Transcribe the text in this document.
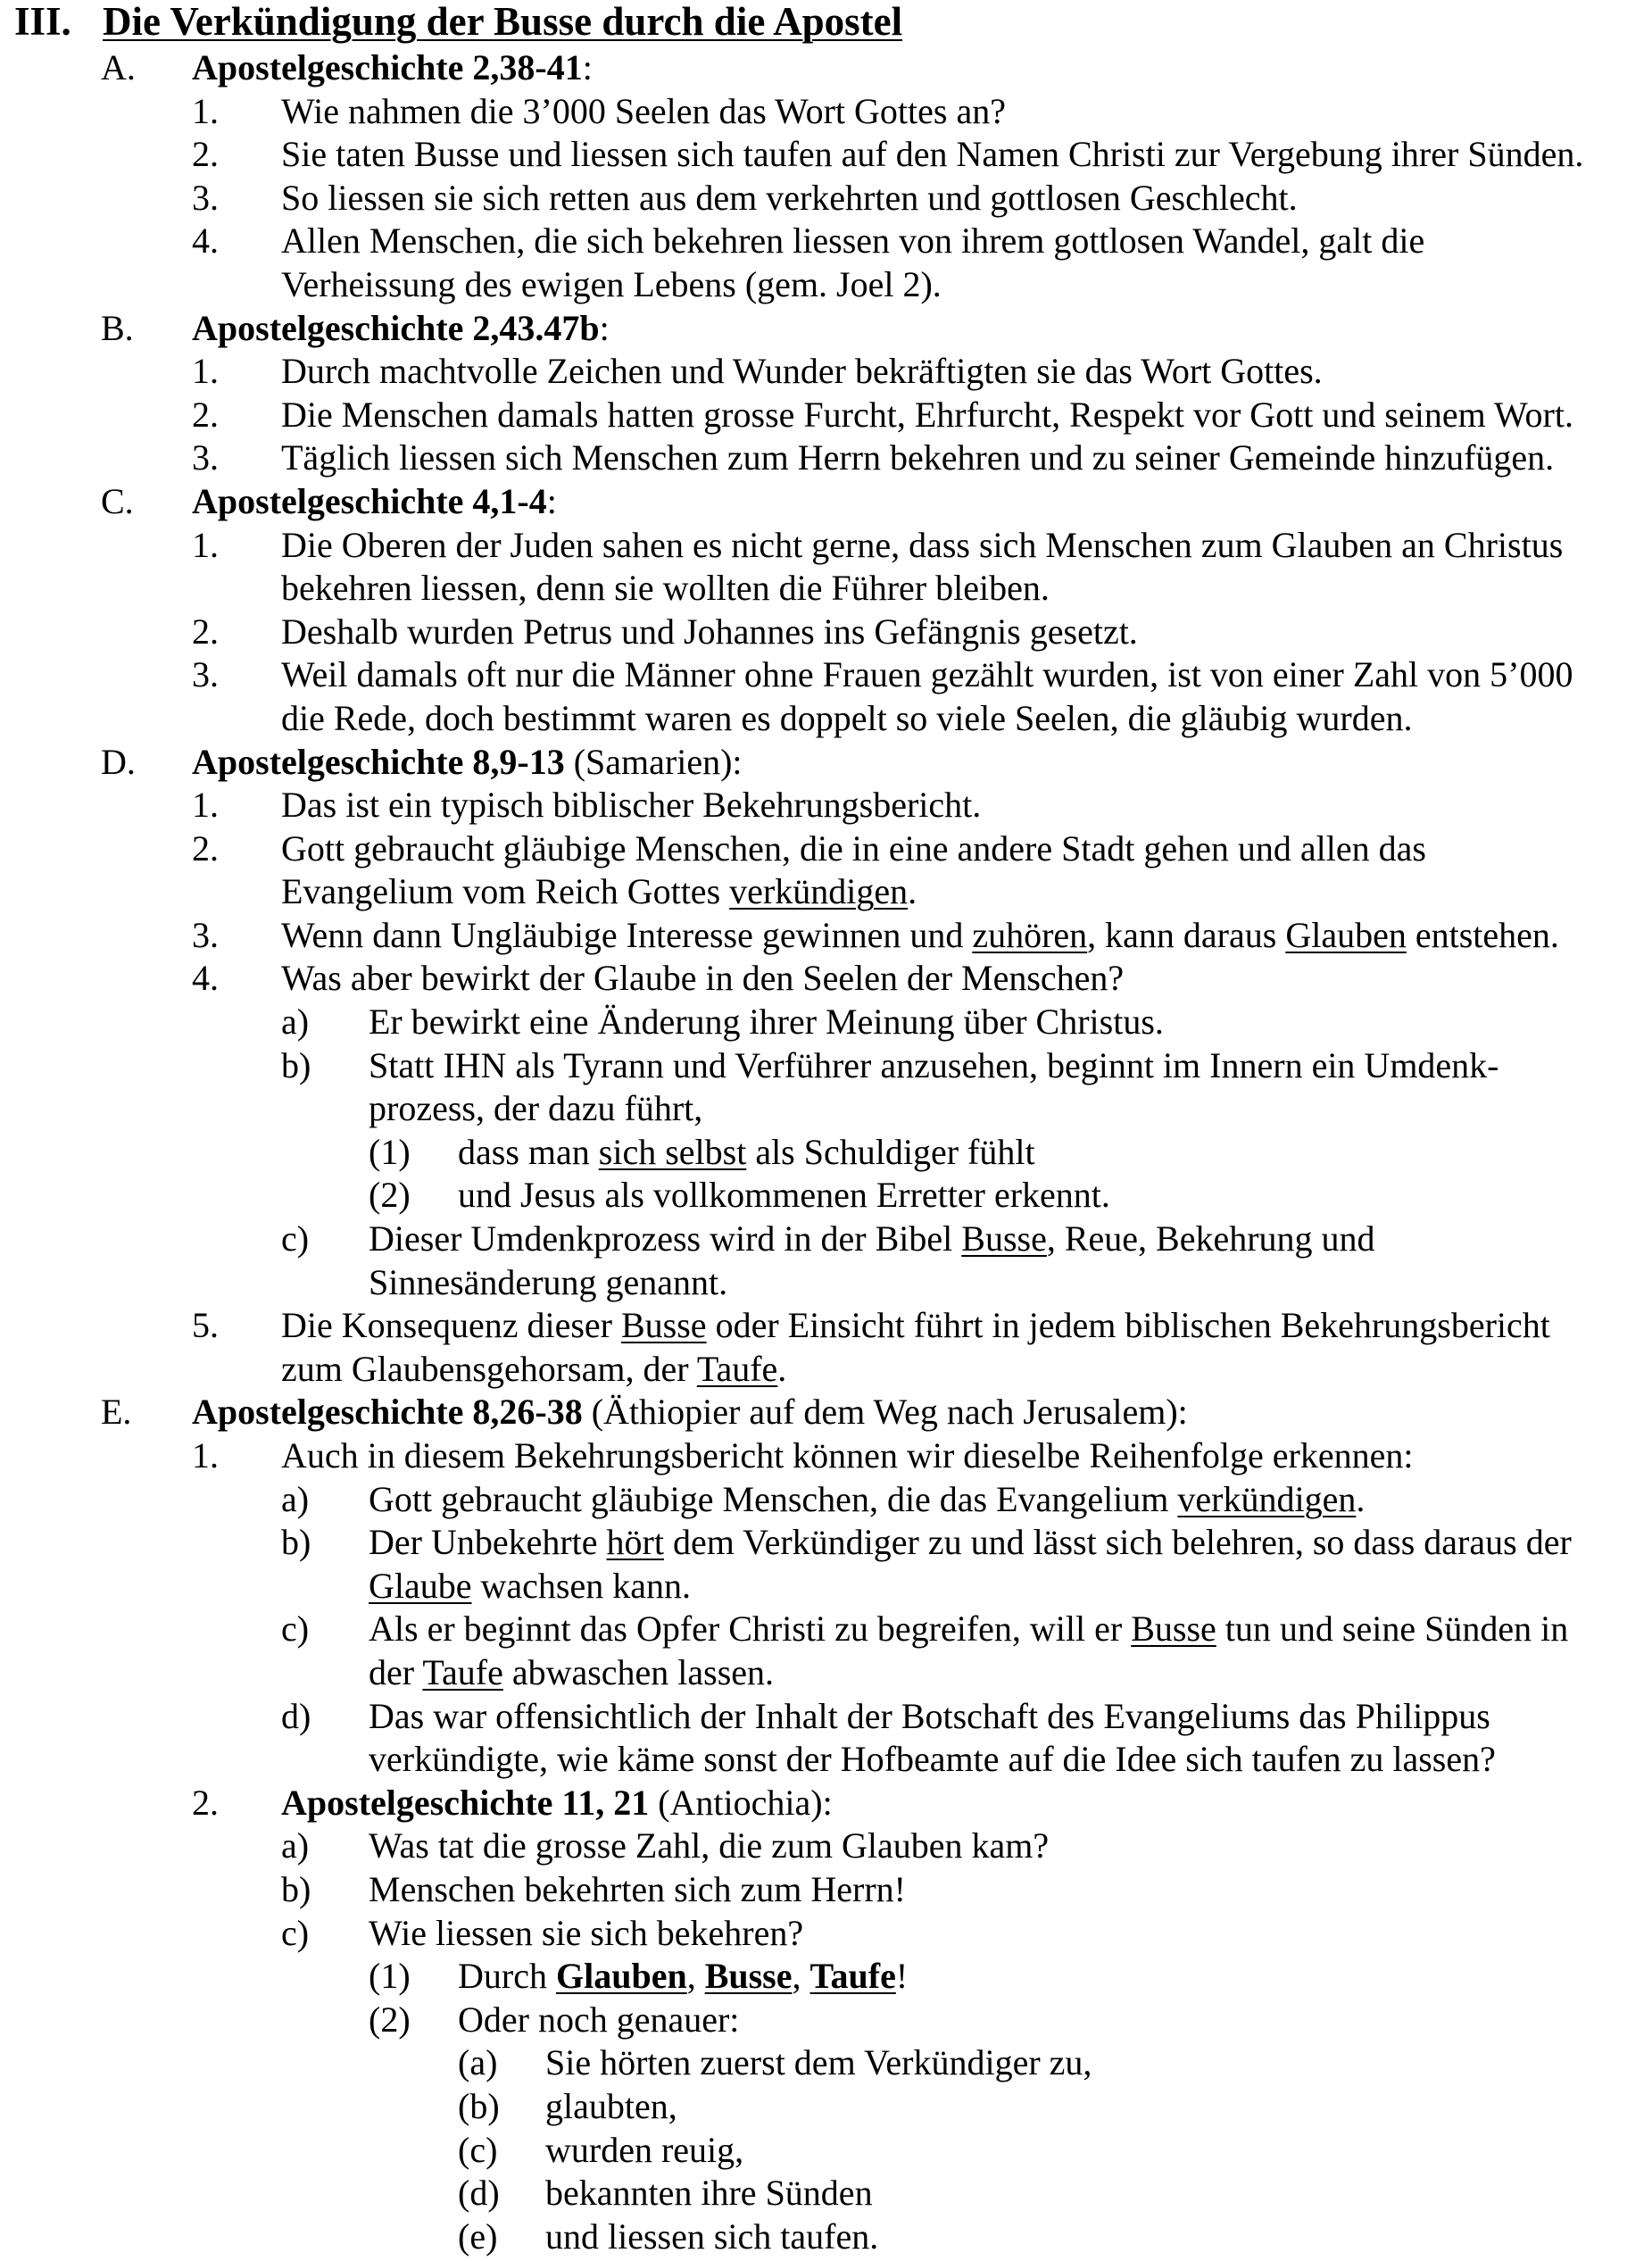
III. Die Verkündigung der Busse durch die Apostel
A. Apostelgeschichte 2,38-41:
1. Wie nahmen die 3’000 Seelen das Wort Gottes an?
2. Sie taten Busse und liessen sich taufen auf den Namen Christi zur Vergebung ihrer Sünden.
3. So liessen sie sich retten aus dem verkehrten und gottlosen Geschlecht.
4. Allen Menschen, die sich bekehren liessen von ihrem gottlosen Wandel, galt die
Verheissung des ewigen Lebens (gem. Joel 2).
B. Apostelgeschichte 2,43.47b:
1. Durch machtvolle Zeichen und Wunder bekräftigten sie das Wort Gottes.
2. Die Menschen damals hatten grosse Furcht, Ehrfurcht, Respekt vor Gott und seinem Wort.
3. Täglich liessen sich Menschen zum Herrn bekehren und zu seiner Gemeinde hinzufügen.
C. Apostelgeschichte 4,1-4:
1. Die Oberen der Juden sahen es nicht gerne, dass sich Menschen zum Glauben an Christus
bekehren liessen, denn sie wollten die Führer bleiben.
2. Deshalb wurden Petrus und Johannes ins Gefängnis gesetzt.
3. Weil damals oft nur die Männer ohne Frauen gezählt wurden, ist von einer Zahl von 5’000
die Rede, doch bestimmt waren es doppelt so viele Seelen, die gläubig wurden.
D. Apostelgeschichte 8,9-13 (Samarien):
1. Das ist ein typisch biblischer Bekehrungsbericht.
2. Gott gebraucht gläubige Menschen, die in eine andere Stadt gehen und allen das
Evangelium vom Reich Gottes verkündigen.
3. Wenn dann Ungläubige Interesse gewinnen und zuhören, kann daraus Glauben entstehen.
4. Was aber bewirkt der Glaube in den Seelen der Menschen?
a) Er bewirkt eine Änderung ihrer Meinung über Christus.
b) Statt IHN als Tyrann und Verführer anzusehen, beginnt im Innern ein Umdenk-
prozess, der dazu führt,
(1) dass man sich selbst als Schuldiger fühlt
(2) und Jesus als vollkommenen Erretter erkennt.
c) Dieser Umdenkprozess wird in der Bibel Busse, Reue, Bekehrung und
Sinnesänderung genannt.
5. Die Konsequenz dieser Busse oder Einsicht führt in jedem biblischen Bekehrungsbericht
zum Glaubensgehorsam, der Taufe.
E. Apostelgeschichte 8,26-38 (Äthiopier auf dem Weg nach Jerusalem):
1. Auch in diesem Bekehrungsbericht können wir dieselbe Reihenfolge erkennen:
a) Gott gebraucht gläubige Menschen, die das Evangelium verkündigen.
b) Der Unbekehrte hört dem Verkündiger zu und lässt sich belehren, so dass daraus der
Glaube wachsen kann.
c) Als er beginnt das Opfer Christi zu begreifen, will er Busse tun und seine Sünden in
der Taufe abwaschen lassen.
d) Das war offensichtlich der Inhalt der Botschaft des Evangeliums das Philippus
verkündigte, wie käme sonst der Hofbeamte auf die Idee sich taufen zu lassen?
2. Apostelgeschichte 11, 21 (Antiochia):
a) Was tat die grosse Zahl, die zum Glauben kam?
b) Menschen bekehrten sich zum Herrn!
c) Wie liessen sie sich bekehren?
(1) Durch Glauben, Busse, Taufe!
(2) Oder noch genauer:
(a) Sie hörten zuerst dem Verkündiger zu,
(b) glaubten,
(c) wurden reuig,
(d) bekannten ihre Sünden
(e) und liessen sich taufen.
